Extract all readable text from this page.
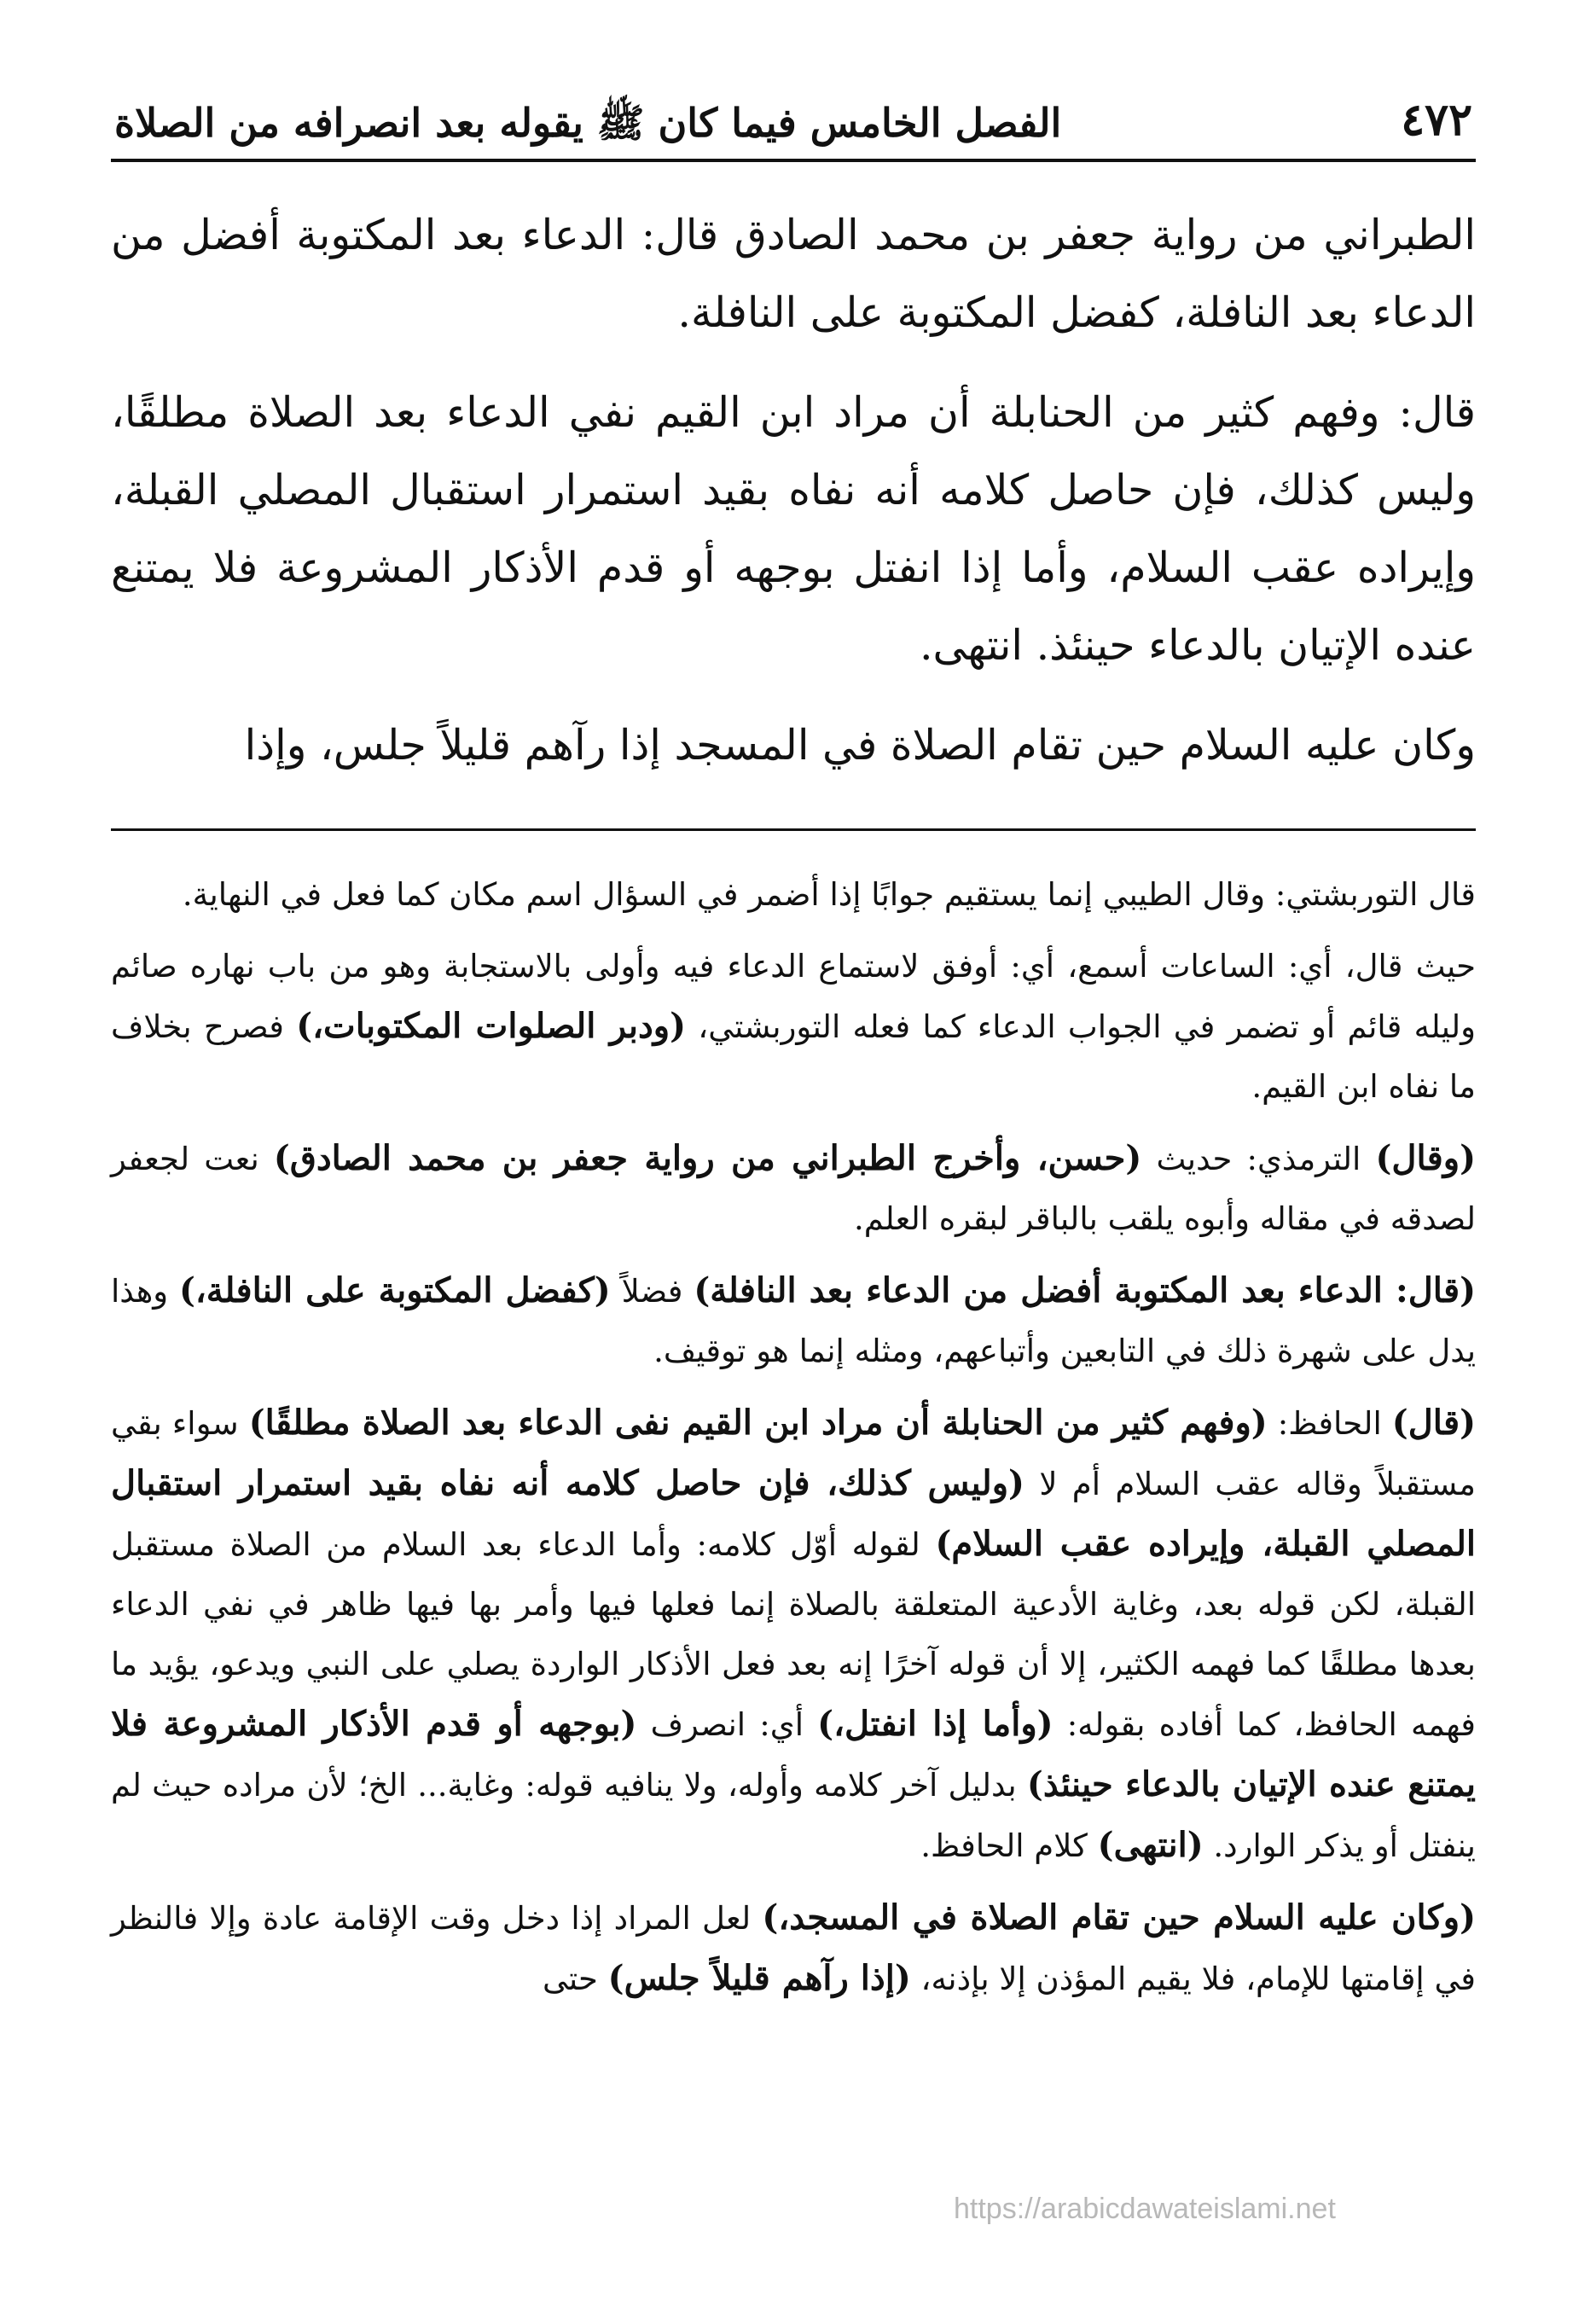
٤٧٢
الفصل الخامس فيما كان ﷺ يقوله بعد انصرافه من الصلاة

الطبراني من رواية جعفر بن محمد الصادق قال: الدعاء بعد المكتوبة أفضل من الدعاء بعد النافلة، كفضل المكتوبة على النافلة.

قال: وفهم كثير من الحنابلة أن مراد ابن القيم نفي الدعاء بعد الصلاة مطلقًا، وليس كذلك، فإن حاصل كلامه أنه نفاه بقيد استمرار استقبال المصلي القبلة، وإيراده عقب السلام، وأما إذا انفتل بوجهه أو قدم الأذكار المشروعة فلا يمتنع عنده الإتيان بالدعاء حينئذ. انتهى.

وكان عليه السلام حين تقام الصلاة في المسجد إذا رآهم قليلاً جلس، وإذا

قال التوربشتي: وقال الطيبي إنما يستقيم جوابًا إذا أضمر في السؤال اسم مكان كما فعل في النهاية.

حيث قال، أي: الساعات أسمع، أي: أوفق لاستماع الدعاء فيه وأولى بالاستجابة وهو من باب نهاره صائم وليله قائم أو تضمر في الجواب الدعاء كما فعله التوربشتي، (ودبر الصلوات المكتوبات،) فصرح بخلاف ما نفاه ابن القيم.

(وقال) الترمذي: حديث (حسن، وأخرج الطبراني من رواية جعفر بن محمد الصادق) نعت لجعفر لصدقه في مقاله وأبوه يلقب بالباقر لبقره العلم.

(قال: الدعاء بعد المكتوبة أفضل من الدعاء بعد النافلة) فضلاً (كفضل المكتوبة على النافلة،) وهذا يدل على شهرة ذلك في التابعين وأتباعهم، ومثله إنما هو توقيف.

(قال) الحافظ: (وفهم كثير من الحنابلة أن مراد ابن القيم نفى الدعاء بعد الصلاة مطلقًا) سواء بقي مستقبلاً وقاله عقب السلام أم لا (وليس كذلك، فإن حاصل كلامه أنه نفاه بقيد استمرار استقبال المصلي القبلة، وإيراده عقب السلام) لقوله أوّل كلامه: وأما الدعاء بعد السلام من الصلاة مستقبل القبلة، لكن قوله بعد، وغاية الأدعية المتعلقة بالصلاة إنما فعلها فيها وأمر بها فيها ظاهر في نفي الدعاء بعدها مطلقًا كما فهمه الكثير، إلا أن قوله آخرًا إنه بعد فعل الأذكار الواردة يصلي على النبي ويدعو، يؤيد ما فهمه الحافظ، كما أفاده بقوله: (وأما إذا انفتل،) أي: انصرف (بوجهه أو قدم الأذكار المشروعة فلا يمتنع عنده الإتيان بالدعاء حينئذ) بدليل آخر كلامه وأوله، ولا ينافيه قوله: وغاية... الخ؛ لأن مراده حيث لم ينفتل أو يذكر الوارد. (انتهى) كلام الحافظ.

(وكان عليه السلام حين تقام الصلاة في المسجد،) لعل المراد إذا دخل وقت الإقامة عادة وإلا فالنظر في إقامتها للإمام، فلا يقيم المؤذن إلا بإذنه، (إذا رآهم قليلاً جلس) حتى

https://arabicdawateislami.net
